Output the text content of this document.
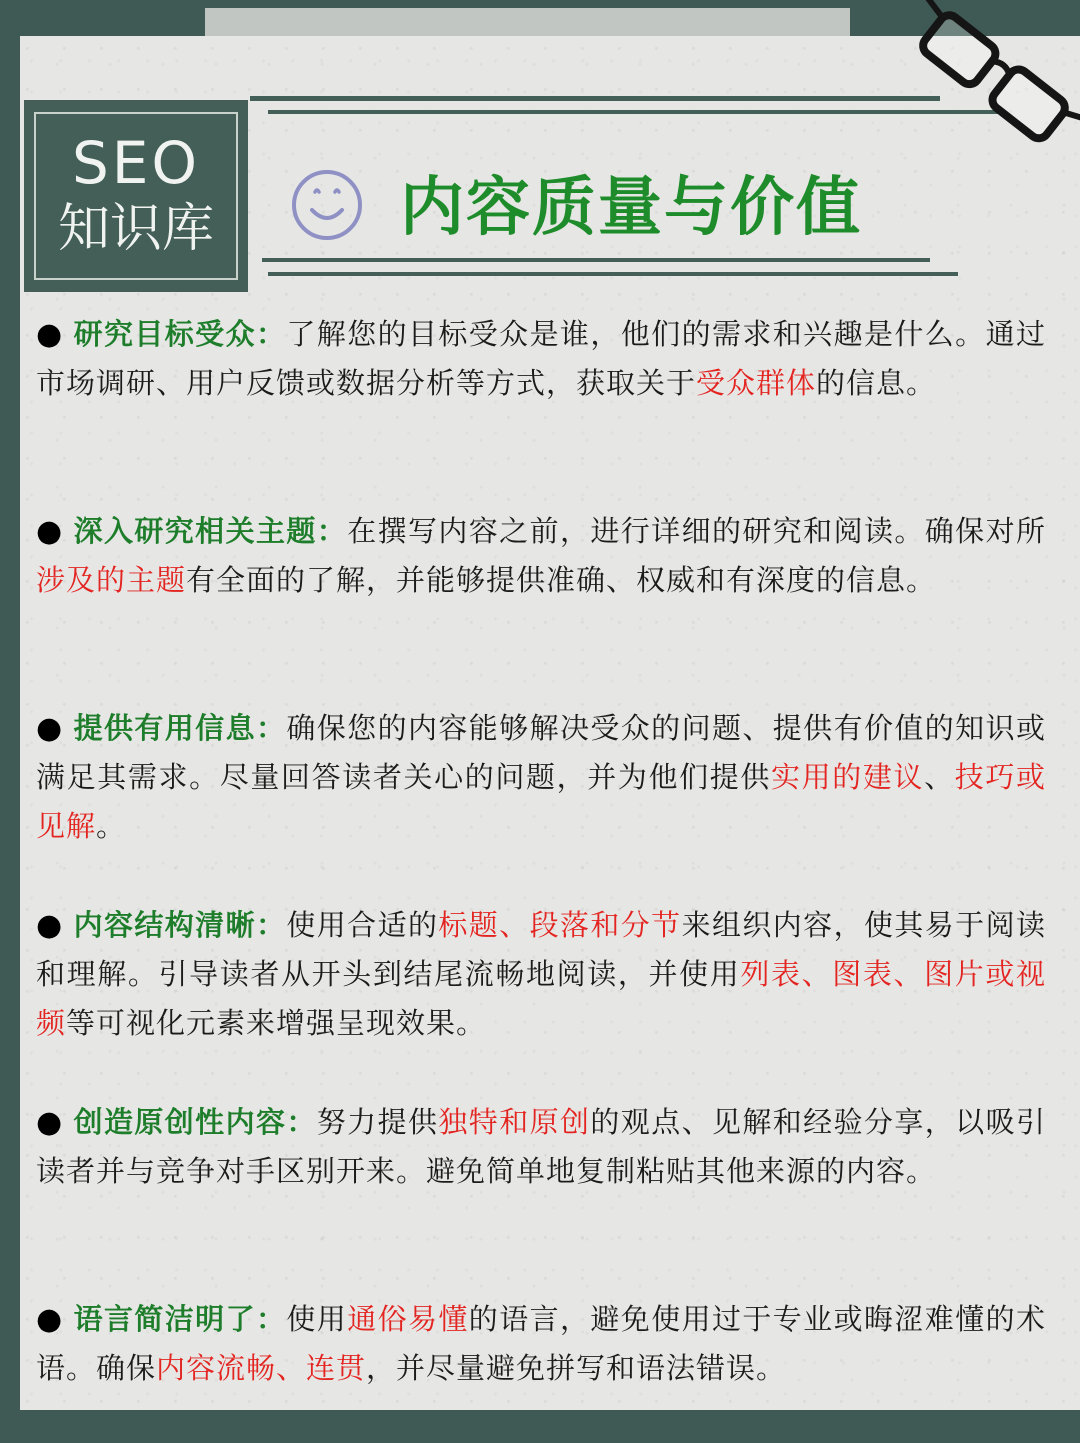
SEO
知识库	内容质量与价值
● 研究目标受众：了解您的目标受众是谁，他们的需求和兴趣是什么。通过市场调研、用户反馈或数据分析等方式，获取关于受众群体的信息。
● 深入研究相关主题：在撰写内容之前，进行详细的研究和阅读。确保对所涉及的主题有全面的了解，并能够提供准确、权威和有深度的信息。
● 提供有用信息：确保您的内容能够解决受众的问题、提供有价值的知识或满足其需求。尽量回答读者关心的问题，并为他们提供实用的建议、技巧或见解。
● 内容结构清晰：使用合适的标题、段落和分节来组织内容，使其易于阅读和理解。引导读者从开头到结尾流畅地阅读，并使用列表、图表、图片或视频等可视化元素来增强呈现效果。
● 创造原创性内容：努力提供独特和原创的观点、见解和经验分享，以吸引读者并与竞争对手区别开来。避免简单地复制粘贴其他来源的内容。
● 语言简洁明了：使用通俗易懂的语言，避免使用过于专业或晦涩难懂的术语。确保内容流畅、连贯，并尽量避免拼写和语法错误。
